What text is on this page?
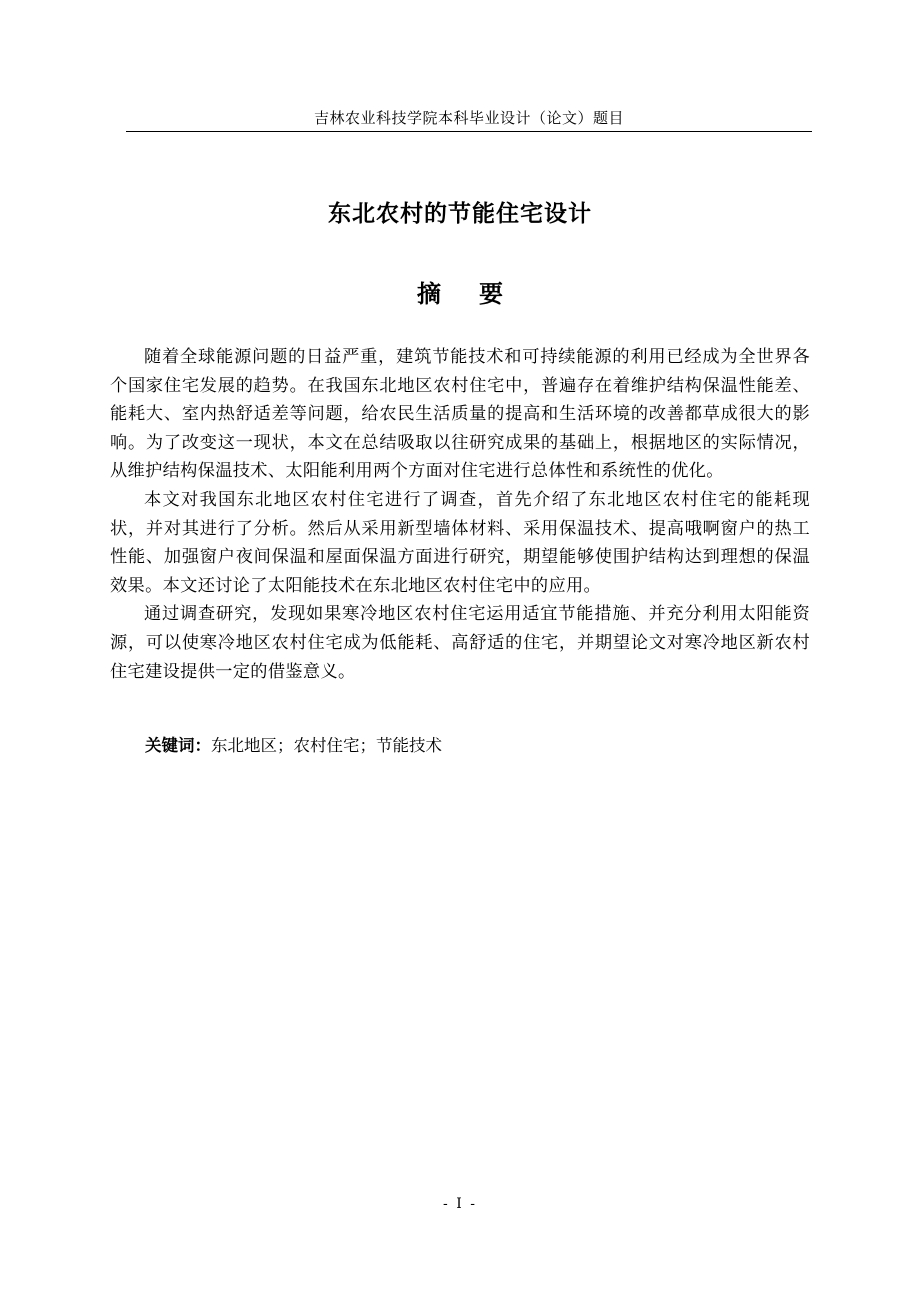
吉林农业科技学院本科毕业设计（论文）题目
东北农村的节能住宅设计
摘要

随着全球能源问题的日益严重，建筑节能技术和可持续能源的利用已经成为全世界各个国家住宅发展的趋势。在我国东北地区农村住宅中，普遍存在着维护结构保温性能差、能耗大、室内热舒适差等问题，给农民生活质量的提高和生活环境的改善都草成很大的影响。为了改变这一现状，本文在总结吸取以往研究成果的基础上，根据地区的实际情况，从维护结构保温技术、太阳能利用两个方面对住宅进行总体性和系统性的优化。

本文对我国东北地区农村住宅进行了调查，首先介绍了东北地区农村住宅的能耗现状，并对其进行了分析。然后从采用新型墙体材料、采用保温技术、提高哦啊窗户的热工性能、加强窗户夜间保温和屋面保温方面进行研究，期望能够使围护结构达到理想的保温效果。本文还讨论了太阳能技术在东北地区农村住宅中的应用。

通过调查研究，发现如果寒冷地区农村住宅运用适宜节能措施、并充分利用太阳能资源，可以使寒冷地区农村住宅成为低能耗、高舒适的住宅，并期望论文对寒冷地区新农村住宅建设提供一定的借鉴意义。

关键词：东北地区；农村住宅；节能技术
- I -
